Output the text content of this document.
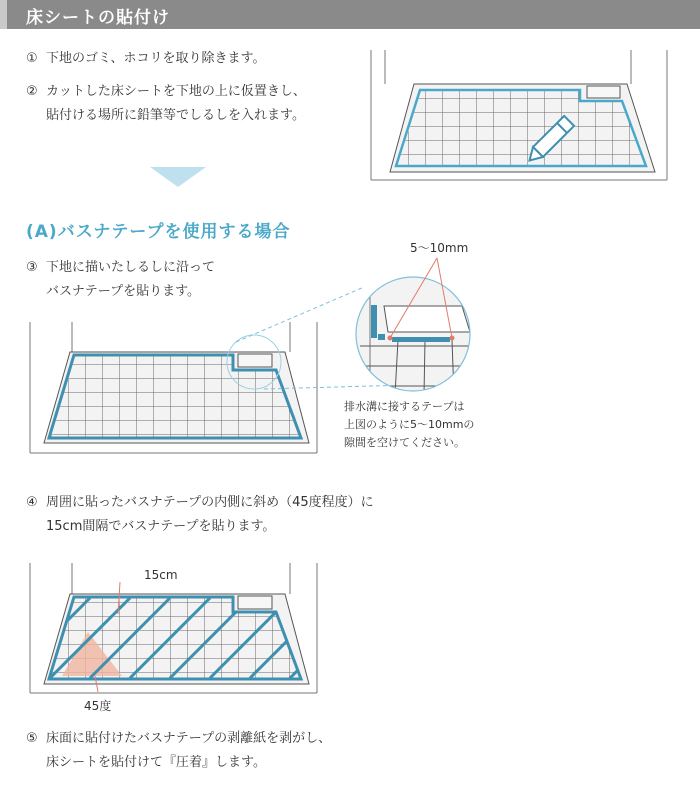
床シートの貼付け
① 下地のゴミ、ホコリを取り除きます。
② カットした床シートを下地の上に仮置きし、
貼付ける場所に鉛筆等でしるしを入れます。
(A)バスナテープを使用する場合
③ 下地に描いたしるしに沿って
バスナテープを貼ります。
5〜10mm
排水溝に接するテープは
上図のように5〜10mmの
隙間を空けてください。
④ 周囲に貼ったバスナテープの内側に斜め（45度程度）に
15cm間隔でバスナテープを貼ります。
15cm
45度
⑤ 床面に貼付けたバスナテープの剥離紙を剥がし、
床シートを貼付けて『圧着』します。
